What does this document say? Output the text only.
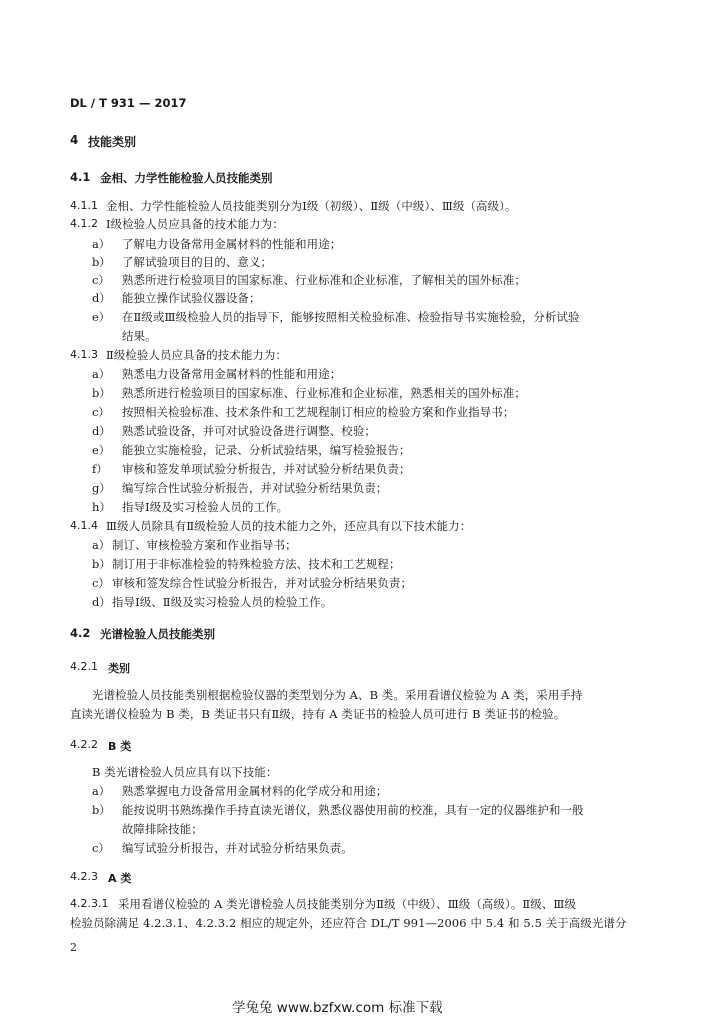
DL / T 931 — 2017
4 技能类别
4.1 金相、力学性能检验人员技能类别
4.1.1 金相、力学性能检验人员技能类别分为Ⅰ级（初级）、Ⅱ级（中级）、Ⅲ级（高级）。
4.1.2 Ⅰ级检验人员应具备的技术能力为：
a） 了解电力设备常用金属材料的性能和用途；
b） 了解试验项目的目的、意义；
c） 熟悉所进行检验项目的国家标准、行业标准和企业标准，了解相关的国外标准；
d） 能独立操作试验仪器设备；
e） 在Ⅱ级或Ⅲ级检验人员的指导下，能够按照相关检验标准、检验指导书实施检验，分析试验
结果。
4.1.3 Ⅱ级检验人员应具备的技术能力为：
a） 熟悉电力设备常用金属材料的性能和用途；
b） 熟悉所进行检验项目的国家标准、行业标准和企业标准，熟悉相关的国外标准；
c） 按照相关检验标准、技术条件和工艺规程制订相应的检验方案和作业指导书；
d） 熟悉试验设备，并可对试验设备进行调整、校验；
e） 能独立实施检验，记录、分析试验结果，编写检验报告；
f） 审核和签发单项试验分析报告，并对试验分析结果负责；
g） 编写综合性试验分析报告，并对试验分析结果负责；
h） 指导Ⅰ级及实习检验人员的工作。
4.1.4 Ⅲ级人员除具有Ⅱ级检验人员的技术能力之外，还应具有以下技术能力：
a） 制订、审核检验方案和作业指导书；
b） 制订用于非标准检验的特殊检验方法、技术和工艺规程；
c） 审核和签发综合性试验分析报告，并对试验分析结果负责；
d） 指导Ⅰ级、Ⅱ级及实习检验人员的检验工作。
4.2 光谱检验人员技能类别
4.2.1 类别
光谱检验人员技能类别根据检验仪器的类型划分为 A、B 类。采用看谱仪检验为 A 类，采用手持
直读光谱仪检验为 B 类，B 类证书只有Ⅱ级，持有 A 类证书的检验人员可进行 B 类证书的检验。
4.2.2 B 类
B 类光谱检验人员应具有以下技能：
a） 熟悉掌握电力设备常用金属材料的化学成分和用途；
b） 能按说明书熟练操作手持直读光谱仪，熟悉仪器使用前的校准，具有一定的仪器维护和一般
故障排除技能；
c） 编写试验分析报告，并对试验分析结果负责。
4.2.3 A 类
4.2.3.1 采用看谱仪检验的 A 类光谱检验人员技能类别分为Ⅱ级（中级）、Ⅲ级（高级）。Ⅱ级、Ⅲ级
检验员除满足 4.2.3.1、4.2.3.2 相应的规定外，还应符合 DL/T 991—2006 中 5.4 和 5.5 关于高级光谱分
2
学兔兔 www.bzfxw.com 标准下载
